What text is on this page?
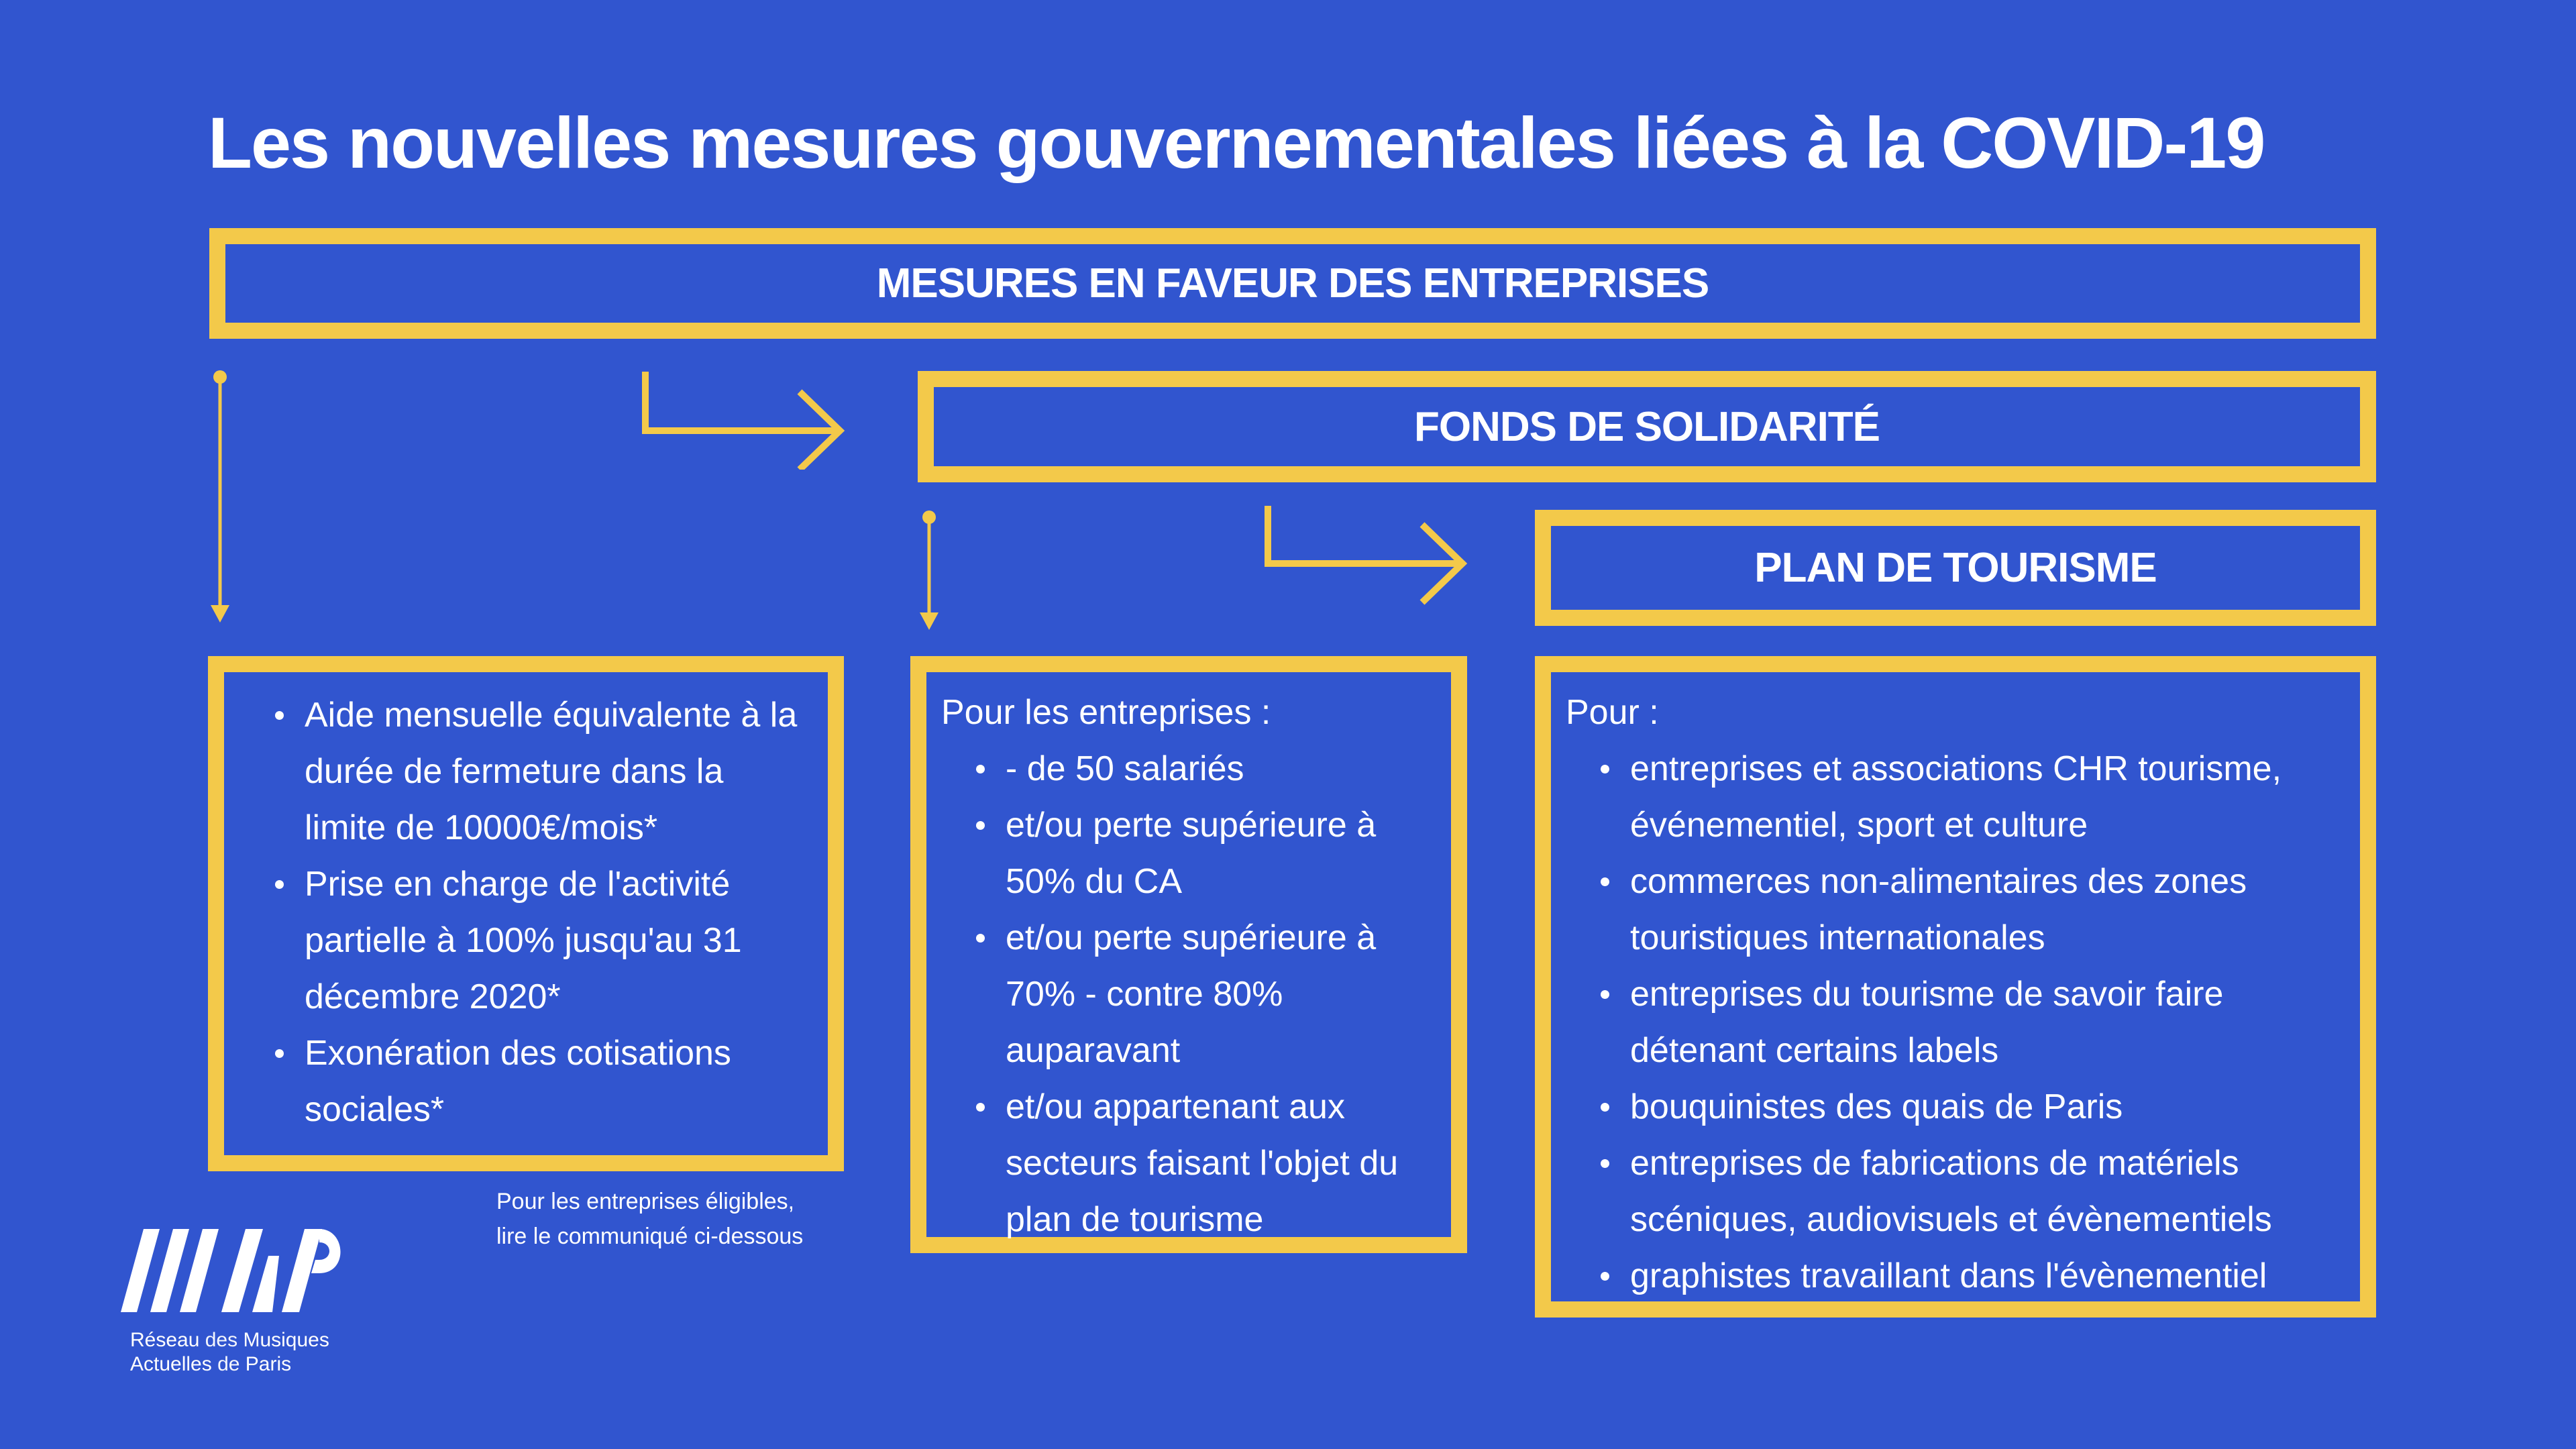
Les nouvelles mesures gouvernementales liées à la COVID-19
MESURES EN FAVEUR DES ENTREPRISES
FONDS DE SOLIDARITÉ
PLAN DE TOURISME
Aide mensuelle équivalente à la durée de fermeture dans la limite de 10000€/mois*
Prise en charge de l'activité partielle à 100% jusqu'au 31 décembre 2020*
Exonération des cotisations sociales*
Pour les entreprises :
- de 50 salariés
et/ou perte supérieure à 50% du CA
et/ou perte supérieure à 70% - contre 80% auparavant
et/ou appartenant aux secteurs faisant l'objet du plan de tourisme
Pour :
entreprises et associations CHR tourisme, événementiel, sport et culture
commerces non-alimentaires des zones touristiques internationales
entreprises du tourisme de savoir faire détenant certains labels
bouquinistes des quais de Paris
entreprises de fabrications de matériels scéniques, audiovisuels et évènementiels
graphistes travaillant dans l'évènementiel
Pour les entreprises éligibles,
lire le communiqué ci-dessous
Réseau des Musiques
Actuelles de Paris
